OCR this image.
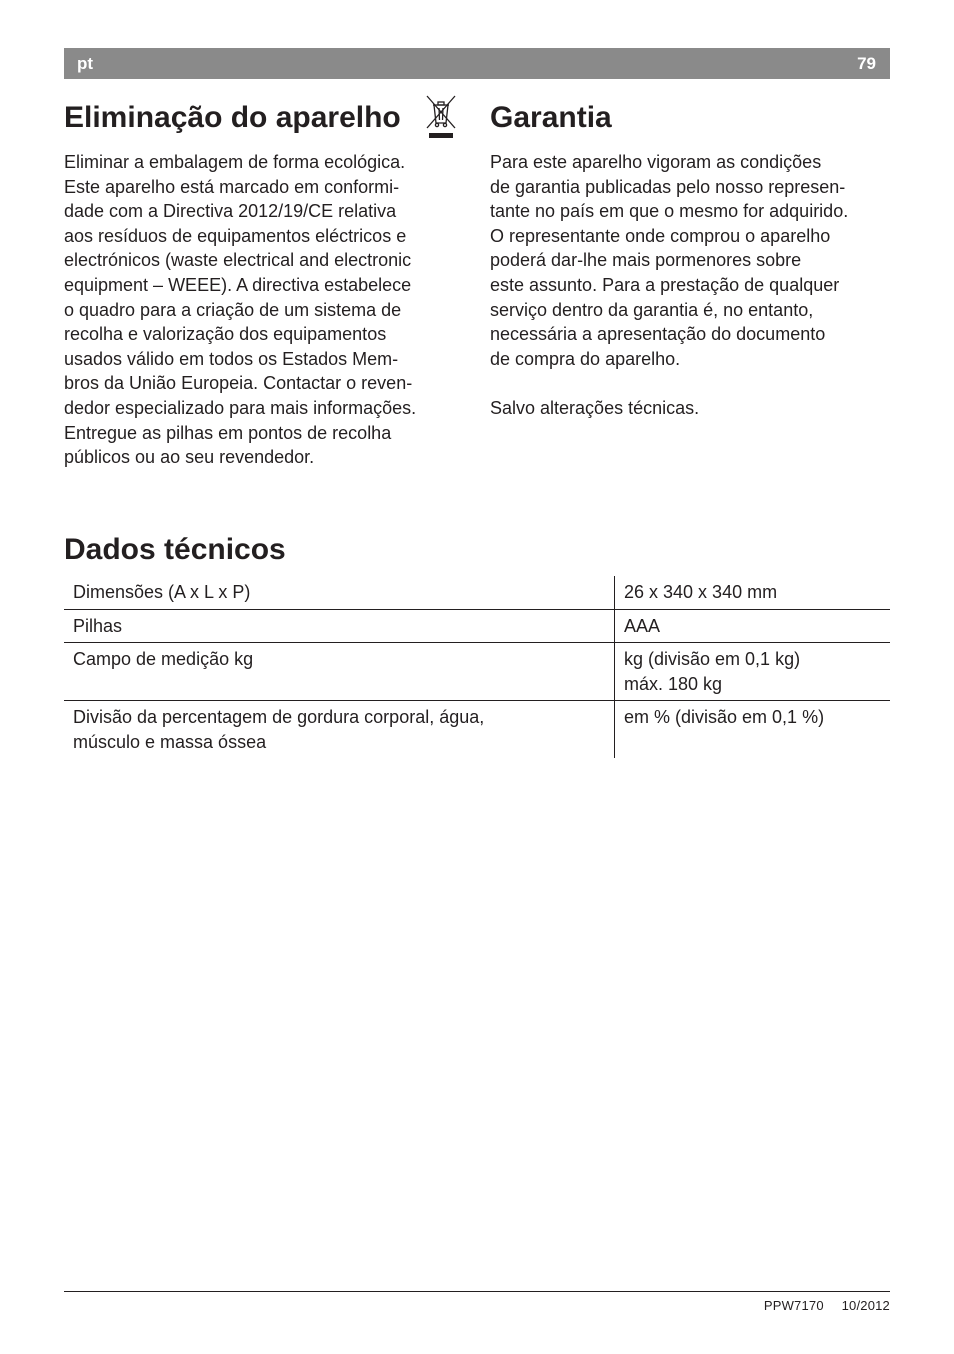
pt	79
Eliminação do aparelho

Eliminar a embalagem de forma ecológica.

Este aparelho está marcado em conformi-

dade com a Directiva 2012/19/CE relativa

aos resíduos de equipamentos eléctricos e

electrónicos (waste electrical and electronic

equipment – WEEE). A directiva estabelece

o quadro para a criação de um sistema de

recolha e valorização dos equipamentos

usados válido em todos os Estados Mem-

bros da União Europeia. Contactar o reven-

dedor especializado para mais informações.

Entregue as pilhas em pontos de recolha

públicos ou ao seu revendedor.

Garantia

Para este aparelho vigoram as condições

de garantia publicadas pelo nosso represen-

tante no país em que o mesmo for adquirido.

O representante onde comprou o aparelho

poderá dar-lhe mais pormenores sobre

este assunto. Para a prestação de qualquer

serviço dentro da garantia é, no entanto,

necessária a apresentação do documento

de compra do aparelho.

Salvo alterações técnicas.

Dados técnicos
Dimensões (A x L x P)	26 x 340 x 340 mm

Pilhas	AAA

Campo de medição kg	kg (divisão em 0,1 kg)
máx. 180 kg

Divisão da percentagem de gordura corporal, água,
músculo e massa óssea	em % (divisão em 0,1 %)
PPW7170 10/2012
